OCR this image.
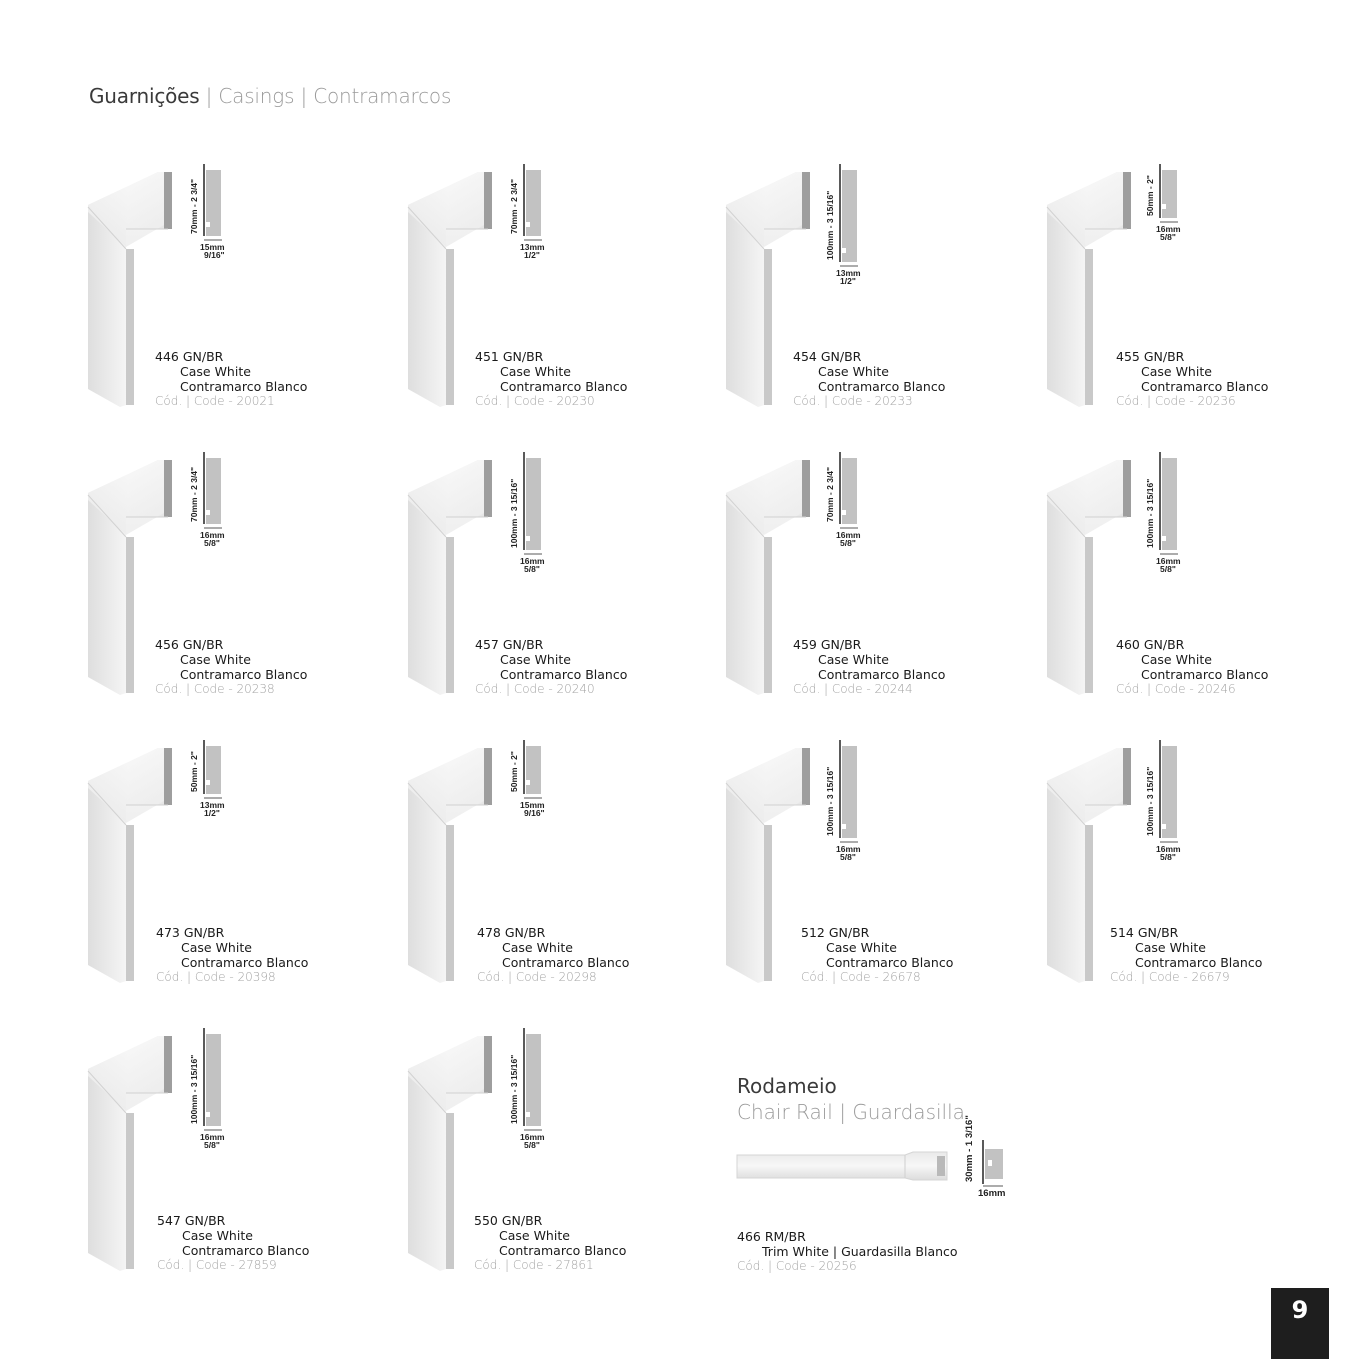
Guarnições | Casings | Contramarcos
70mm - 2 3/4"
15mm
9/16"
446 GN/BR
Case White
Contramarco Blanco
Cód. | Code - 20021
70mm - 2 3/4"
13mm
1/2"
451 GN/BR
Case White
Contramarco Blanco
Cód. | Code - 20230
100mm - 3 15/16"
13mm
1/2"
454 GN/BR
Case White
Contramarco Blanco
Cód. | Code - 20233
50mm - 2"
16mm
5/8"
455 GN/BR
Case White
Contramarco Blanco
Cód. | Code - 20236
70mm - 2 3/4"
16mm
5/8"
456 GN/BR
Case White
Contramarco Blanco
Cód. | Code - 20238
100mm - 3 15/16"
16mm
5/8"
457 GN/BR
Case White
Contramarco Blanco
Cód. | Code - 20240
70mm - 2 3/4"
16mm
5/8"
459 GN/BR
Case White
Contramarco Blanco
Cód. | Code - 20244
100mm - 3 15/16"
16mm
5/8"
460 GN/BR
Case White
Contramarco Blanco
Cód. | Code - 20246
50mm - 2"
13mm
1/2"
473 GN/BR
Case White
Contramarco Blanco
Cód. | Code - 20398
50mm - 2"
15mm
9/16"
478 GN/BR
Case White
Contramarco Blanco
Cód. | Code - 20298
100mm - 3 15/16"
16mm
5/8"
512 GN/BR
Case White
Contramarco Blanco
Cód. | Code - 26678
100mm - 3 15/16"
16mm
5/8"
514 GN/BR
Case White
Contramarco Blanco
Cód. | Code - 26679
100mm - 3 15/16"
16mm
5/8"
547 GN/BR
Case White
Contramarco Blanco
Cód. | Code - 27859
100mm - 3 15/16"
16mm
5/8"
550 GN/BR
Case White
Contramarco Blanco
Cód. | Code - 27861
Rodameio
Chair Rail | Guardasilla
30mm - 1 3/16"
16mm
466 RM/BR
Trim White | Guardasilla Blanco
Cód. | Code - 20256
9
